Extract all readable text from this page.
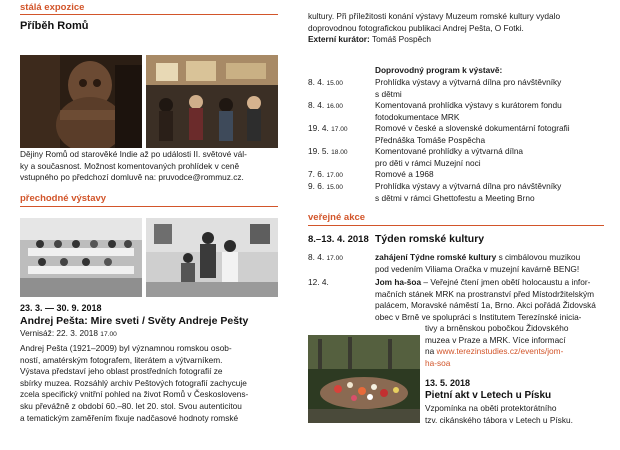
stálá expozice
Příběh Romů
Dějiny Romů od starověké Indie až po události II. světové vál-
ky a současnost. Možnost komentovaných prohlídek v ceně
vstupného po předchozí domluvě na: pruvodce@rommuz.cz.
přechodné výstavy
23. 3. — 30. 9. 2018
Andrej Pešta: Mire sveti / Světy Andreje Pešty
Vernisáž: 22. 3. 2018 17.00
Andrej Pešta (1921–2009) byl významnou romskou osob-
ností, amatérským fotografem, literátem a výtvarníkem.
Výstava představí jeho oblast prostředních fotografií ze
sbírky muzea. Rozsáhlý archiv Peštových fotografií zachycuje
zcela specifický vnitřní pohled na život Romů v Českoslovens-
sku převážně z období 60.–80. let 20. stol. Svou autenticitou
a tematickým zaměřením fixuje nadčasové hodnoty romské
kultury. Při příležitosti konání výstavy Muzeum romské kultury vydalo
doprovodnou fotografickou publikaci Andrej Pešta, O Fotki.
Externí kurátor: Tomáš Pospěch
Doprovodný program k výstavě:
8. 4. 15.00	Prohlídka výstavy a výtvarná dílna pro návštěvníky
s dětmi
8. 4. 16.00	Komentovaná prohlídka výstavy s kurátorem fondu
fotodokumentace MRK
19. 4. 17.00	Romové v české a slovenské dokumentární fotografii
Přednáška Tomáše Pospěcha
19. 5. 18.00	Komentované prohlídky a výtvarná dílna
pro děti v rámci Muzejní noci
7. 6. 17.00	Romové a 1968
9. 6. 15.00	Prohlídka výstavy a výtvarná dílna pro návštěvníky
s dětmi v rámci Ghettofestu a Meeting Brno
veřejné akce
8.–13. 4. 2018 Týden romské kultury
8. 4. 17.00	zahájení Týdne romské kultury s cimbálovou muzikou
pod vedením Viliama Oračka v muzejní kavárně BENG!
12. 4.	Jom ha-šoa – Veřejné čtení jmen obětí holocaustu a infor-
mačních stánek MRK na prostranství před Místodržitelským
palácem, Moravské náměstí 1a, Brno. Akci pořádá Židovská
obec v Brně ve spolupráci s Institutem Terezínské inicia-
tivy a brněnskou pobočkou Židovského
muzea v Praze a MRK. Více informací
na www.terezinstudies.cz/events/jom-
ha-soa
13. 5. 2018
Pietní akt v Letech u Písku
Vzpomínka na oběti protektorátního
tzv. cikánského tábora v Letech u Písku.
